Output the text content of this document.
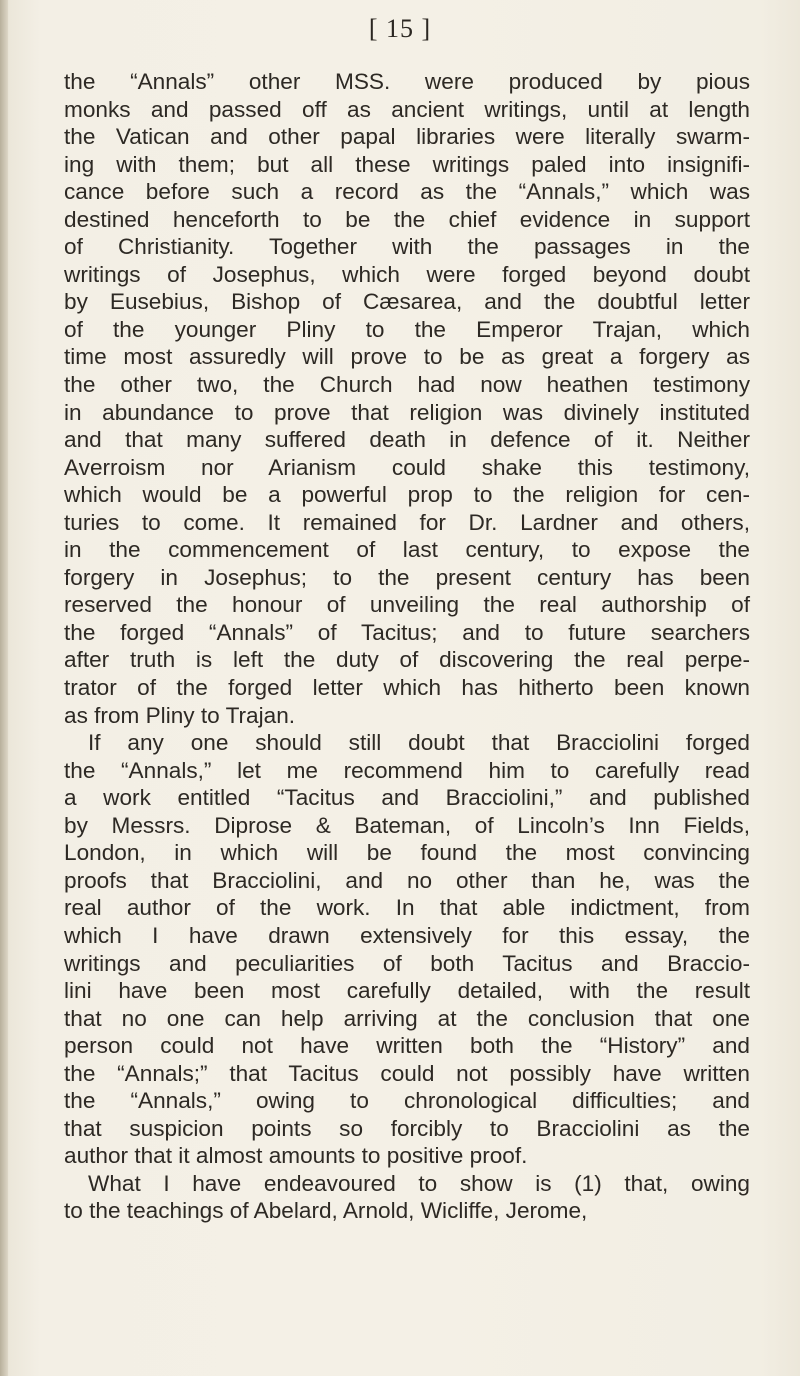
[ 15 ]
the “Annals” other MSS. were produced by pious
monks and passed off as ancient writings, until at length
the Vatican and other papal libraries were literally swarm-
ing with them; but all these writings paled into insignifi-
cance before such a record as the “Annals,” which was
destined henceforth to be the chief evidence in support
of Christianity. Together with the passages in the
writings of Josephus, which were forged beyond doubt
by Eusebius, Bishop of Cæsarea, and the doubtful letter
of the younger Pliny to the Emperor Trajan, which
time most assuredly will prove to be as great a forgery as
the other two, the Church had now heathen testimony
in abundance to prove that religion was divinely instituted
and that many suffered death in defence of it. Neither
Averroism nor Arianism could shake this testimony,
which would be a powerful prop to the religion for cen-
turies to come. It remained for Dr. Lardner and others,
in the commencement of last century, to expose the
forgery in Josephus; to the present century has been
reserved the honour of unveiling the real authorship of
the forged “Annals” of Tacitus; and to future searchers
after truth is left the duty of discovering the real perpe-
trator of the forged letter which has hitherto been known
as from Pliny to Trajan.
If any one should still doubt that Bracciolini forged
the “Annals,” let me recommend him to carefully read
a work entitled “Tacitus and Bracciolini,” and published
by Messrs. Diprose & Bateman, of Lincoln’s Inn Fields,
London, in which will be found the most convincing
proofs that Bracciolini, and no other than he, was the
real author of the work. In that able indictment, from
which I have drawn extensively for this essay, the
writings and peculiarities of both Tacitus and Braccio-
lini have been most carefully detailed, with the result
that no one can help arriving at the conclusion that one
person could not have written both the “History” and
the “Annals;” that Tacitus could not possibly have written
the “Annals,” owing to chronological difficulties; and
that suspicion points so forcibly to Bracciolini as the
author that it almost amounts to positive proof.
What I have endeavoured to show is (1) that, owing
to the teachings of Abelard, Arnold, Wicliffe, Jerome,
